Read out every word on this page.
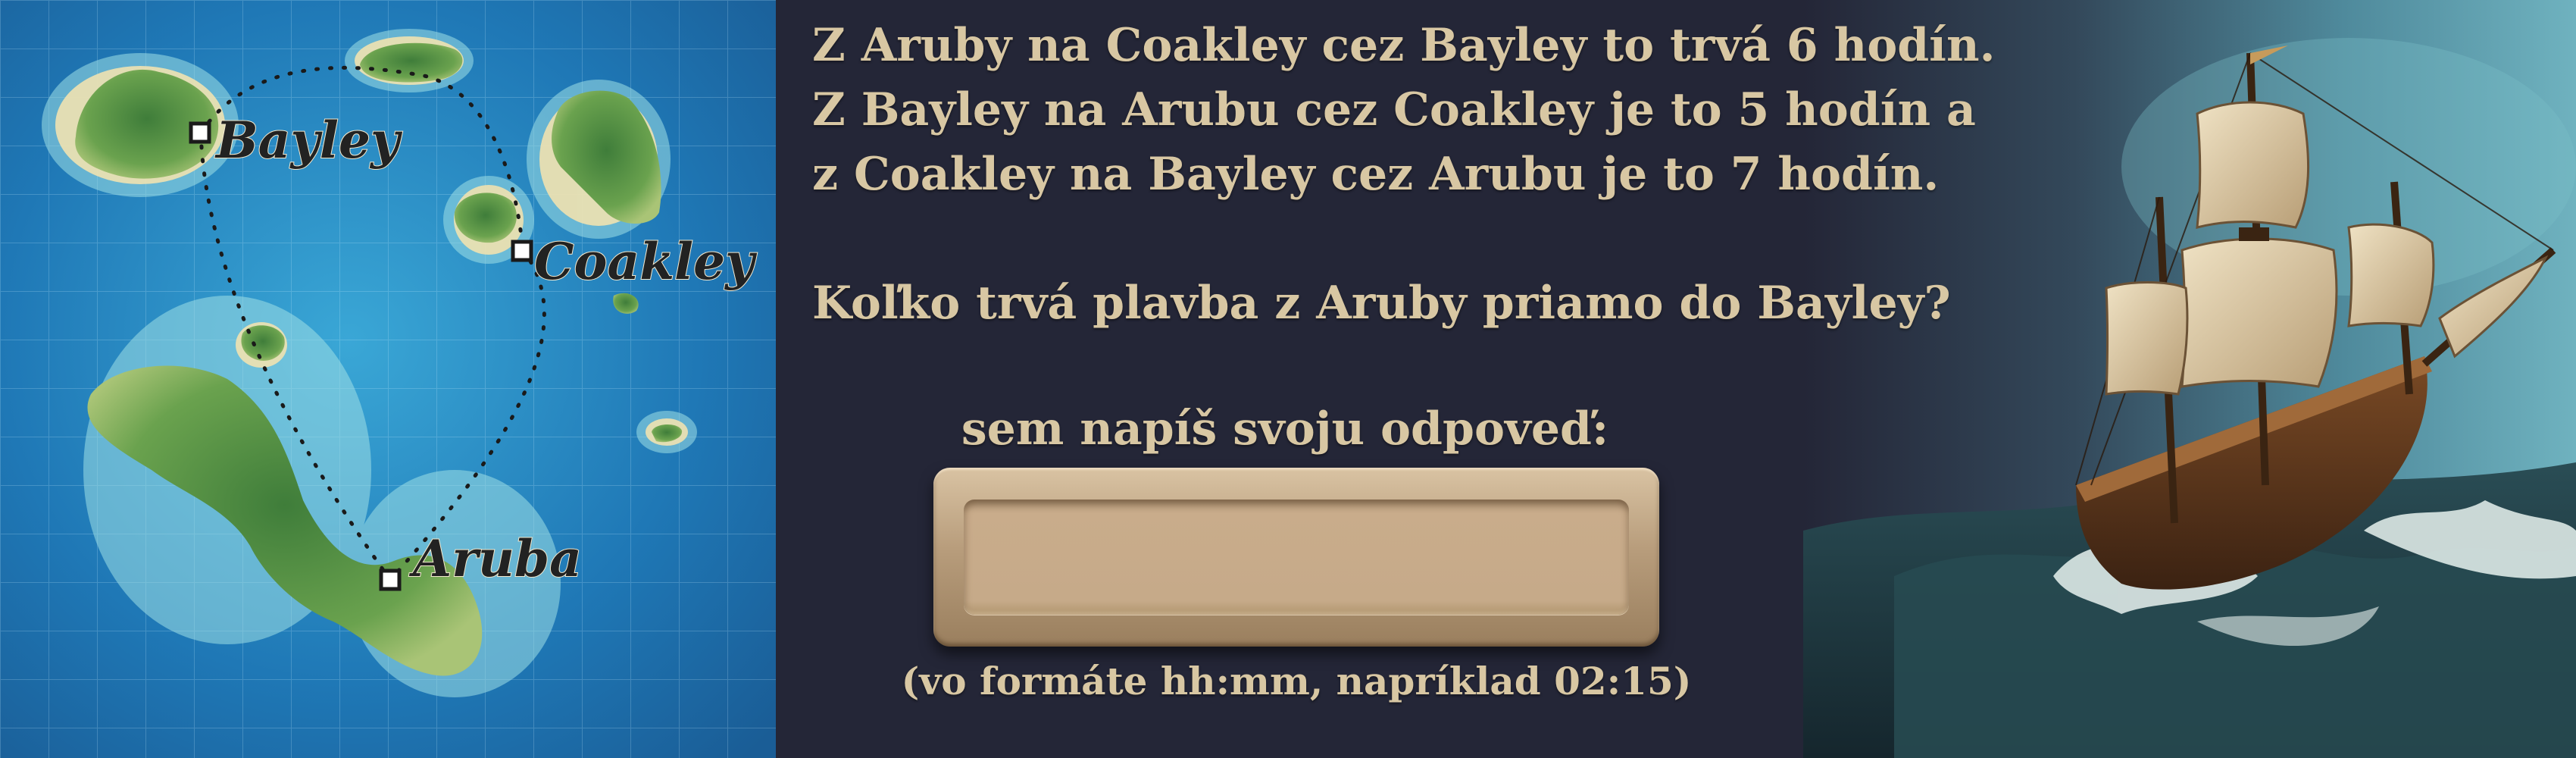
Bayley
Coakley
Aruba
Z Aruby na Coakley cez Bayley to trvá 6 hodín.
Z Bayley na Arubu cez Coakley je to 5 hodín a
z Coakley na Bayley cez Arubu je to 7 hodín.
Koľko trvá plavba z Aruby priamo do Bayley?
sem napíš svoju odpoveď:
(vo formáte hh:mm, napríklad 02:15)
